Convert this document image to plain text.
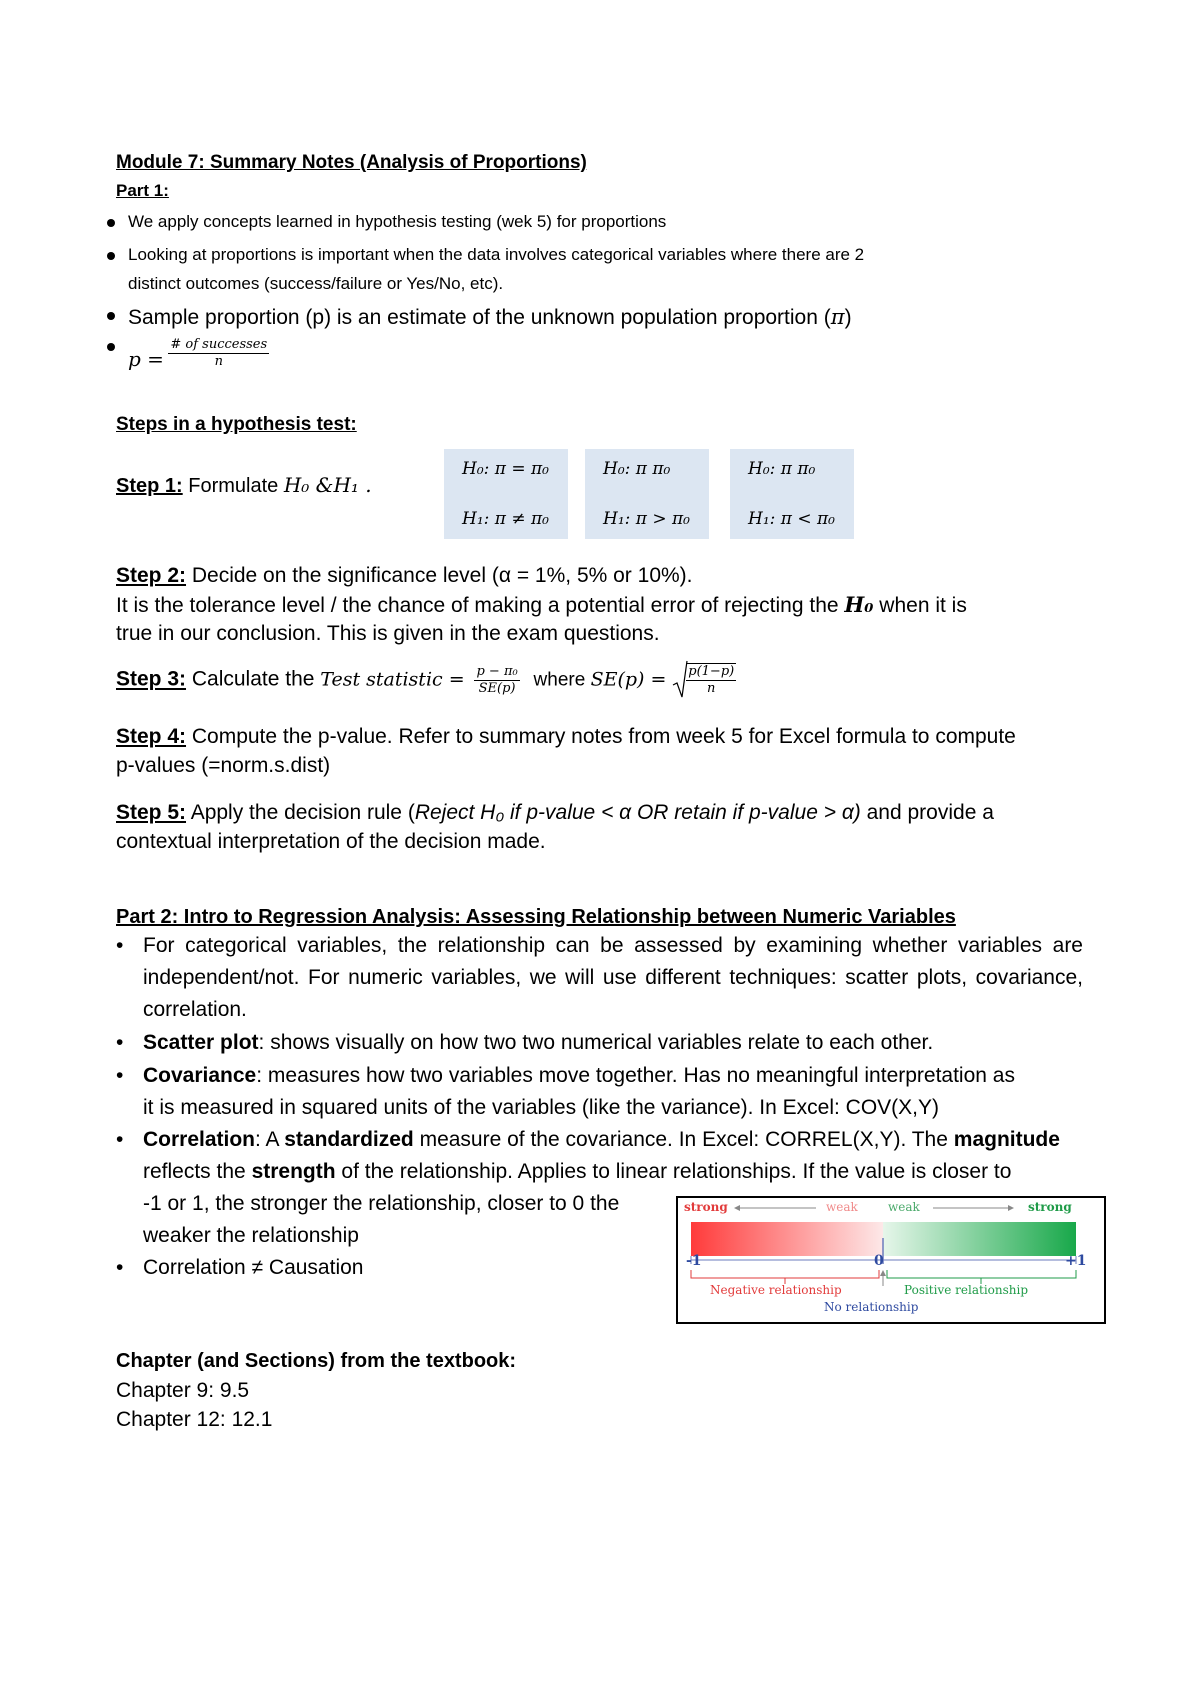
Module 7: Summary Notes (Analysis of Proportions)
Part 1:
We apply concepts learned in hypothesis testing (wek 5) for proportions
Looking at proportions is important when the data involves categorical variables where there are 2
distinct outcomes (success/failure or Yes/No, etc).
Sample proportion (p) is an estimate of the unknown population proportion (π)
$p = \frac{\text{\# of successes}}{n}$
Steps in a hypothesis test:
Step 1: Formulate H₀ &H₁ .
H₀: π = π₀
H₁: π ≠ π₀
H₀: π π₀
H₁: π > π₀
H₀: π π₀
H₁: π < π₀
Step 2: Decide on the significance level (α = 1%, 5% or 10%).
It is the tolerance level / the chance of making a potential error of rejecting the H₀ when it is
true in our conclusion. This is given in the exam questions.
Step 3: Calculate the Test statistic = $\frac{\text{p − π₀}}{SE(p)}$ where $SE(p) = \frac{p(1-p)}{n}$
Step 4: Compute the p-value. Refer to summary notes from week 5 for Excel formula to compute
p-values (=norm.s.dist)
Step 5: Apply the decision rule (Reject H₀ if p-value < α OR retain if p-value > α) and provide a
contextual interpretation of the decision made.
Part 2: Intro to Regression Analysis: Assessing Relationship between Numeric Variables
• For categorical variables, the relationship can be assessed by examining whether variables are independent/not. For numeric variables, we will use different techniques: scatter plots, covariance, correlation.
• Scatter plot: shows visually on how two two numerical variables relate to each other.
• Covariance: measures how two variables move together. Has no meaningful interpretation as
it is measured in squared units of the variables (like the variance). In Excel: COV(X,Y)
• Correlation: A standardized measure of the covariance. In Excel: CORREL(X,Y). The magnitude
reflects the strength of the relationship. Applies to linear relationships. If the value is closer to
-1 or 1, the stronger the relationship, closer to 0 the
weaker the relationship
• Correlation ≠ Causation
strong	weak	weak	strong
-1	0	+1
Negative relationship	Positive relationship
No relationship
Chapter (and Sections) from the textbook:
Chapter 9: 9.5
Chapter 12: 12.1
